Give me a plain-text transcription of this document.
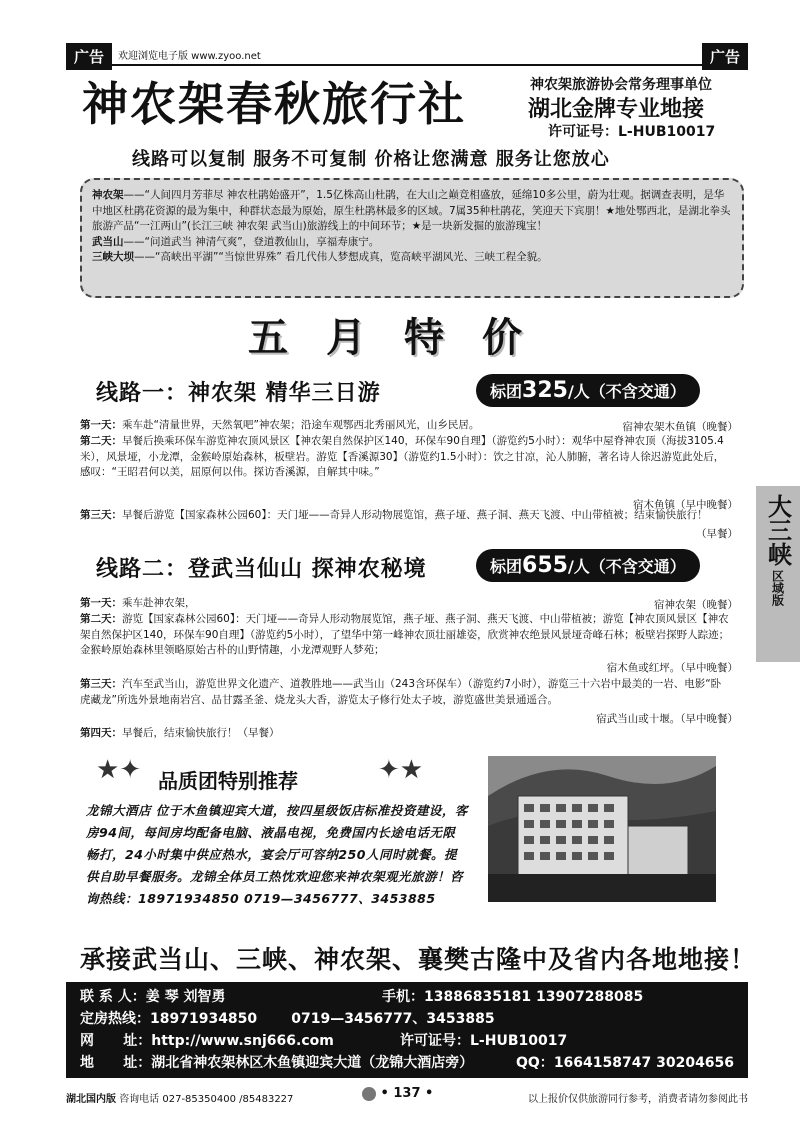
广告	欢迎浏览电子版 www.zyoo.net	广告
神农架春秋旅行社	神农架旅游协会常务理事单位
湖北金牌专业地接
许可证号：L-HUB10017
线路可以复制 服务不可复制 价格让您满意 服务让您放心
神农架——“人间四月芳菲尽 神农杜鹃始盛开”，1.5亿株高山杜鹃，在大山之巅竞相盛放，延绵10多公里，蔚为壮观。据调查表明，是华中地区杜鹃花资源的最为集中，种群状态最为原始，原生杜鹃林最多的区域。7属35种杜鹃花，笑迎天下宾朋！★地处鄂西北，是湖北拳头旅游产品“一江两山”(长江三峡 神农架 武当山)旅游线上的中间环节；★是一块新发掘的旅游瑰宝！
武当山——“问道武当 神清气爽”，登道教仙山，享福寿康宁。
三峡大坝——“高峡出平湖”“当惊世界殊” 看几代伟人梦想成真，览高峡平湖风光、三峡工程全貌。
五月特价
线路一：神农架 精华三日游	标团325/人（不含交通）
第一天：乘车赴“清量世界，天然氧吧”神农架；沿途车观鄂西北秀丽风光，山乡民居。	宿神农架木鱼镇（晚餐）
第二天：早餐后换乘环保车游览神农顶风景区【神农架自然保护区140，环保车90自理】（游览约5小时）：观华中屋脊神农顶（海拔3105.4米），风景垭，小龙潭，金猴岭原始森林，板壁岩。游览【香溪源30】（游览约1.5小时）：饮之甘凉，沁人肺腑，著名诗人徐迟游览此处后，感叹：“王昭君何以美，屈原何以伟。探访香溪源，自解其中味。”
宿木鱼镇（早中晚餐）
第三天：早餐后游览【国家森林公园60】：天门垭——奇异人形动物展览馆，燕子垭、燕子洞、燕天飞渡、中山带植被；结束愉快旅行！
（早餐）
线路二：登武当仙山 探神农秘境	标团655/人（不含交通）
第一天：乘车赴神农架，	宿神农架（晚餐）
第二天：游览【国家森林公园60】：天门垭——奇异人形动物展览馆，燕子垭、燕子洞、燕天飞渡、中山带植被；游览【神农顶风景区【神农架自然保护区140，环保车90自理】（游览约5小时），了望华中第一峰神农顶壮丽雄姿，欣赏神农绝景风景垭奇峰石林；板壁岩探野人踪迹；金猴岭原始森林里领略原始古朴的山野情趣，小龙潭观野人梦苑；
宿木鱼或红坪。（早中晚餐）
第三天：汽车至武当山，游览世界文化遗产、道教胜地——武当山（243含环保车）（游览约7小时），游览三十六岩中最美的一岩、电影“卧虎藏龙”所选外景地南岩宫、品甘露圣釜、烧龙头大香，游览太子修行处太子坡，游览盛世美景通遥合。
宿武当山或十堰。（早中晚餐）
第四天：早餐后，结束愉快旅行！（早餐）
大三峡
区域版
★✦ 品质团特别推荐	✦★
龙锦大酒店 位于木鱼镇迎宾大道，按四星级饭店标准投资建设，客房94间，每间房均配备电脑、液晶电视，免费国内长途电话无限畅打，24小时集中供应热水，宴会厅可容纳250人同时就餐。提供自助早餐服务。龙锦全体员工热忱欢迎您来神农架观光旅游！咨询热线：18971934850 0719—3456777、3453885
承接武当山、三峡、神农架、襄樊古隆中及省内各地地接！
联 系 人：姜 琴 刘智勇	手机：13886835181 13907288085
定房热线：18971934850       0719—3456777、3453885
网      址：http://www.snj666.com	许可证号：L-HUB10017
地      址：湖北省神农架林区木鱼镇迎宾大道（龙锦大酒店旁）	QQ：1664158747 30204656
湖北国内版 咨询电话 027-85350400 /85483227	• 137 •	以上报价仅供旅游同行参考，消费者请勿参阅此书
